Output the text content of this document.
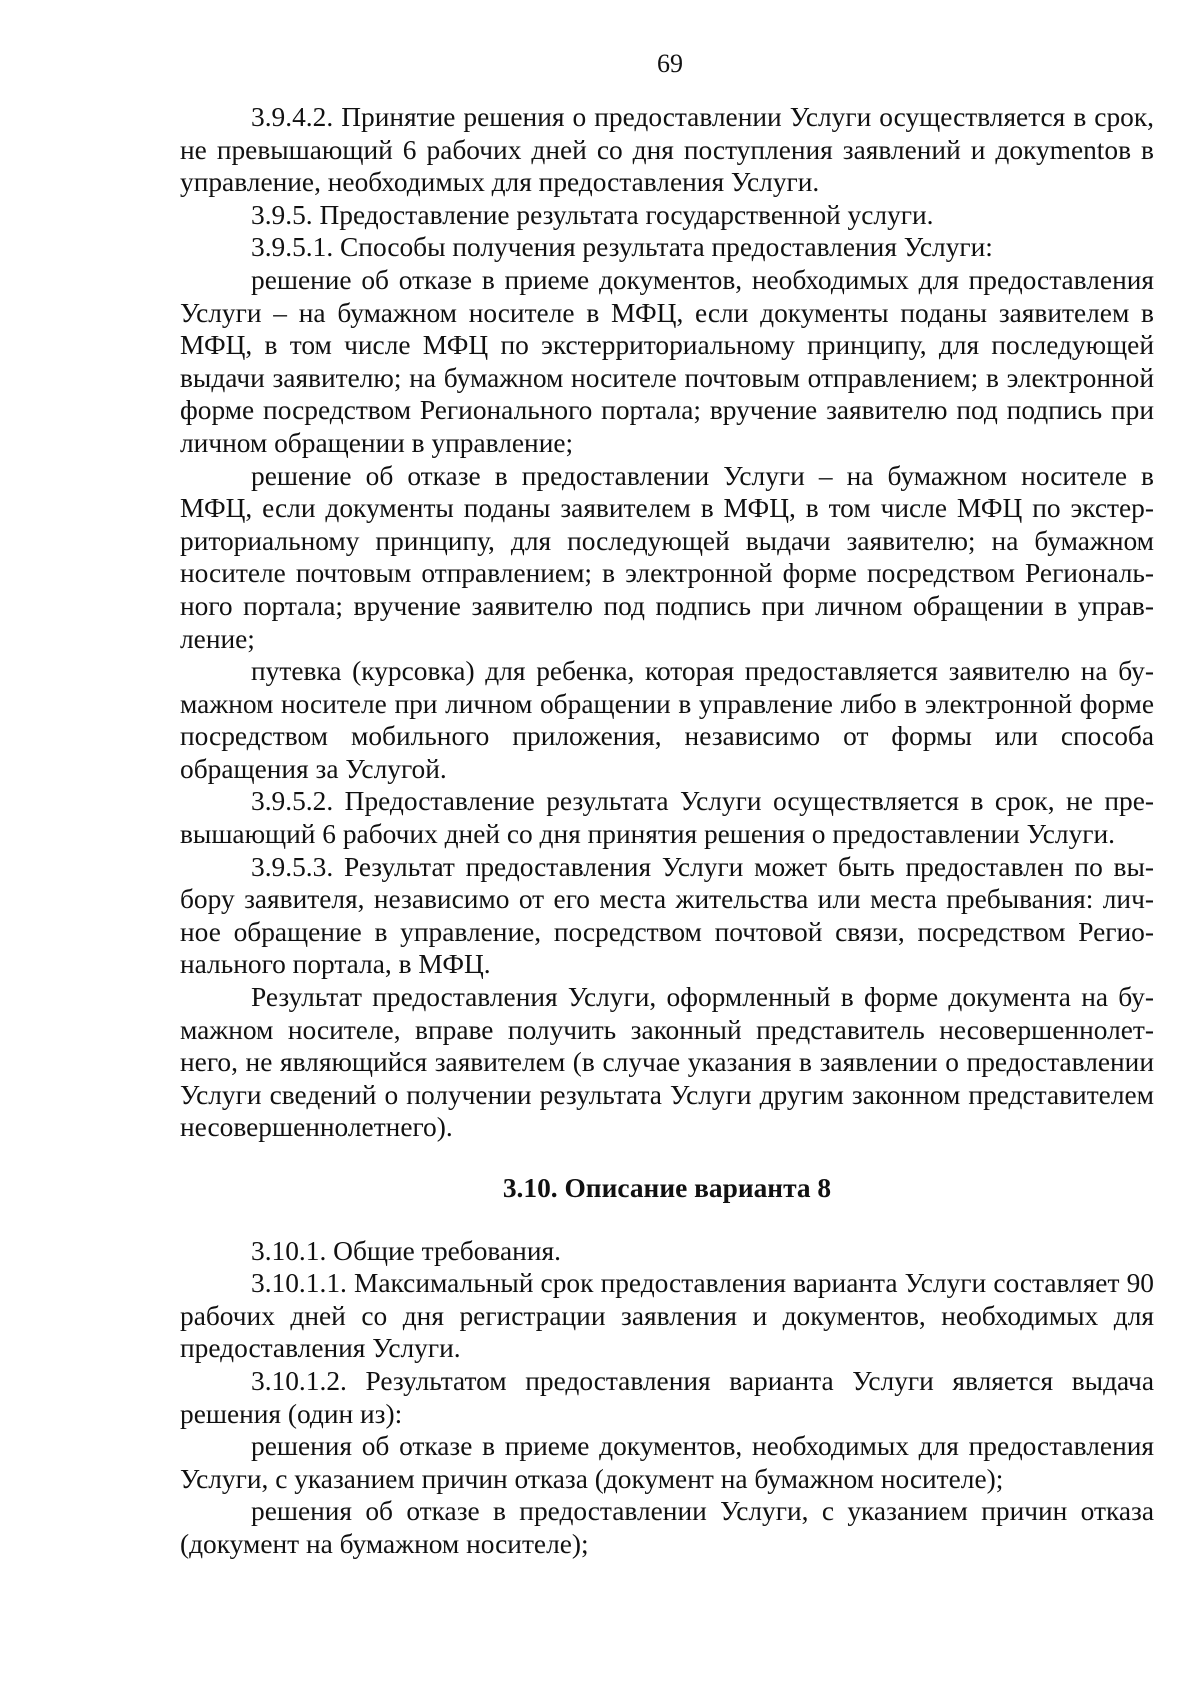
69

3.9.4.2. Принятие решения о предоставлении Услуги осуществляется в срок, не превышающий 6 рабочих дней со дня поступления заявлений и докуmentов в управление, необходимых для предоставления Услуги.

3.9.5. Предоставление результата государственной услуги.

3.9.5.1. Способы получения результата предоставления Услуги:

решение об отказе в приеме документов, необходимых для предоставления Услуги – на бумажном носителе в МФЦ, если документы поданы заявителем в МФЦ, в том числе МФЦ по экстерриториальному принципу, для последующей выдачи заявителю; на бумажном носителе почтовым отправлением; в электронной форме посредством Регионального портала; вручение заявителю под подпись при личном обращении в управление;

решение об отказе в предоставлении Услуги – на бумажном носителе в МФЦ, если документы поданы заявителем в МФЦ, в том числе МФЦ по экстерриториальному принципу, для последующей выдачи заявителю; на бумажном носителе почтовым отправлением; в электронной форме посредством Регионального портала; вручение заявителю под подпись при личном обращении в управление;

путевка (курсовка) для ребенка, которая предоставляется заявителю на бумажном носителе при личном обращении в управление либо в электронной форме посредством мобильного приложения, независимо от формы или способа обращения за Услугой.

3.9.5.2. Предоставление результата Услуги осуществляется в срок, не превышающий 6 рабочих дней со дня принятия решения о предоставлении Услуги.

3.9.5.3. Результат предоставления Услуги может быть предоставлен по выбору заявителя, независимо от его места жительства или места пребывания: личное обращение в управление, посредством почтовой связи, посредством Регионального портала, в МФЦ.

Результат предоставления Услуги, оформленный в форме документа на бумажном носителе, вправе получить законный представитель несовершеннолетнего, не являющийся заявителем (в случае указания в заявлении о предоставлении Услуги сведений о получении результата Услуги другим законном представителем несовершеннолетнего).

3.10. Описание варианта 8

3.10.1. Общие требования.

3.10.1.1. Максимальный срок предоставления варианта Услуги составляет 90 рабочих дней со дня регистрации заявления и документов, необходимых для предоставления Услуги.

3.10.1.2. Результатом предоставления варианта Услуги является выдача решения (один из):

решения об отказе в приеме документов, необходимых для предоставления Услуги, с указанием причин отказа (документ на бумажном носителе);

решения об отказе в предоставлении Услуги, с указанием причин отказа (документ на бумажном носителе);
